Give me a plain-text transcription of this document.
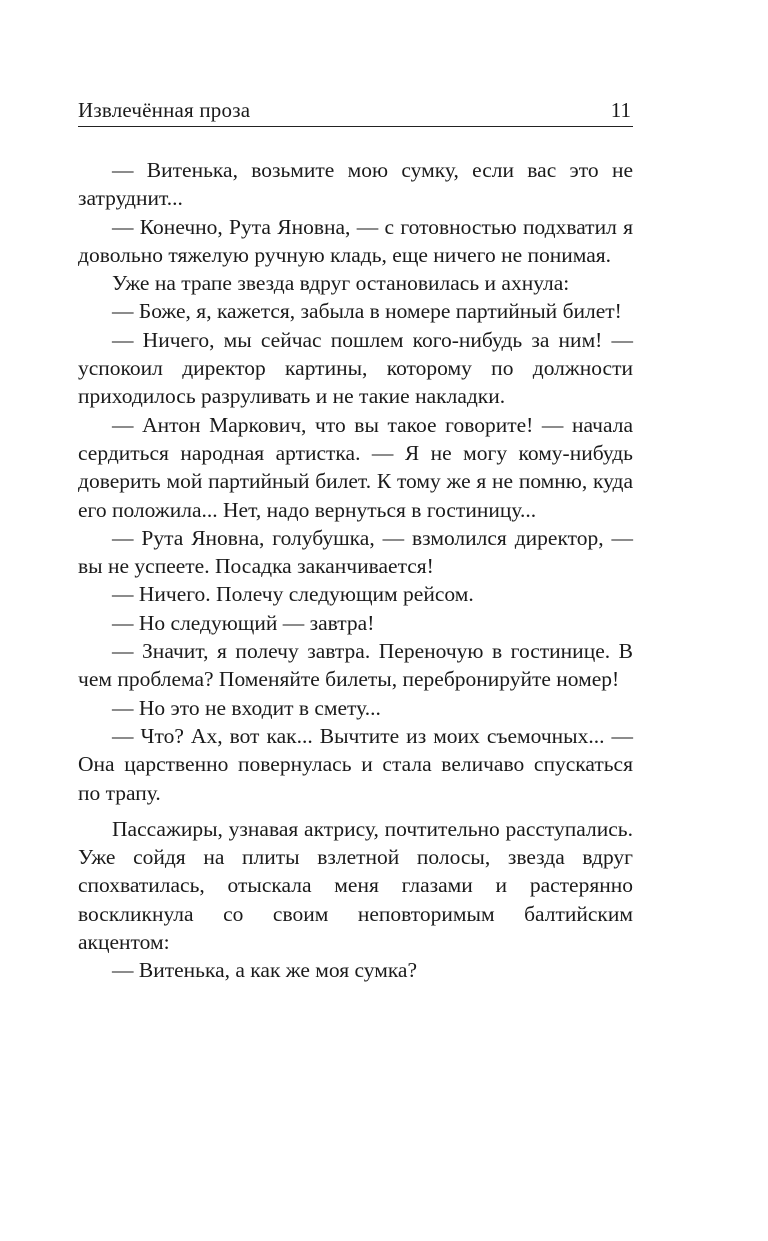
Извлечённая проза	11

— Витенька, возьмите мою сумку, если вас это не затруднит...

— Конечно, Рута Яновна, — с готовностью подхватил я довольно тяжелую ручную кладь, еще ничего не понимая.

Уже на трапе звезда вдруг остановилась и ахнула:

— Боже, я, кажется, забыла в номере партийный билет!

— Ничего, мы сейчас пошлем кого-нибудь за ним! — успокоил директор картины, которому по должности приходилось разруливать и не такие накладки.

— Антон Маркович, что вы такое говорите! — начала сердиться народная артистка. — Я не могу кому-нибудь доверить мой партийный билет. К тому же я не помню, куда его положила... Нет, надо вернуться в гостиницу...

— Рута Яновна, голубушка, — взмолился директор, — вы не успеете. Посадка заканчивается!

— Ничего. Полечу следующим рейсом.

— Но следующий — завтра!

— Значит, я полечу завтра. Переночую в гостинице. В чем проблема? Поменяйте билеты, перебронируйте номер!

— Но это не входит в смету...

— Что? Ах, вот как... Вычтите из моих съемочных... — Она царственно повернулась и стала величаво спускаться по трапу.

Пассажиры, узнавая актрису, почтительно расступались. Уже сойдя на плиты взлетной полосы, звезда вдруг спохватилась, отыскала меня глазами и растерянно воскликнула со своим неповторимым балтийским акцентом:

— Витенька, а как же моя сумка?
